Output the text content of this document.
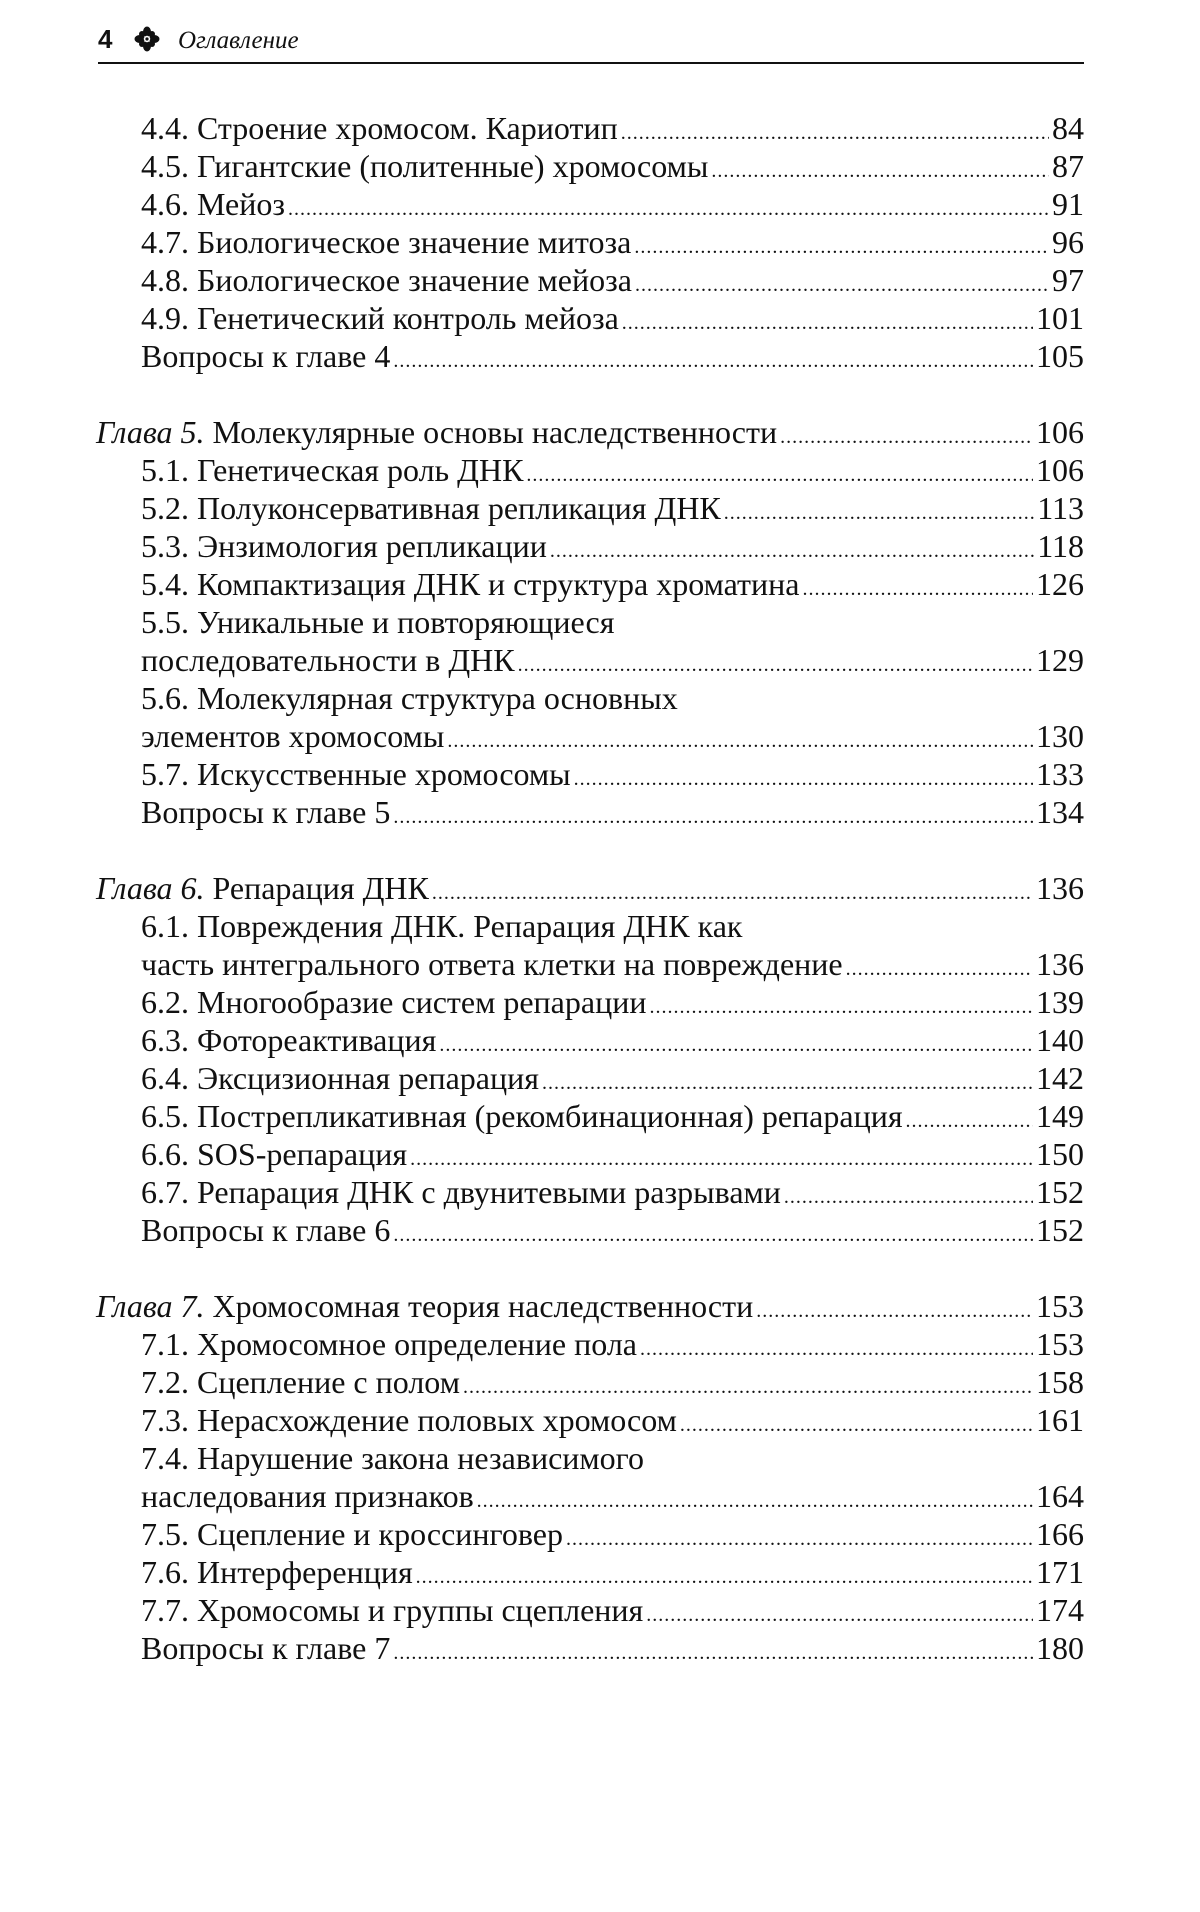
4	Оглавление
4.4. Строение хромосом. Кариотип .....	84
4.5. Гигантские (политенные) хромосомы .....	87
4.6. Мейоз .....	91
4.7. Биологическое значение митоза .....	96
4.8. Биологическое значение мейоза .....	97
4.9. Генетический контроль мейоза .....	101
Вопросы к главе 4 .....	105
Глава 5. Молекулярные основы наследственности .....	106
5.1. Генетическая роль ДНК .....	106
5.2. Полуконсервативная репликация ДНК .....	113
5.3. Энзимология репликации .....	118
5.4. Компактизация ДНК и структура хроматина .....	126
5.5. Уникальные и повторяющиеся
последовательности в ДНК .....	129
5.6. Молекулярная структура основных
элементов хромосомы .....	130
5.7. Искусственные хромосомы .....	133
Вопросы к главе 5 .....	134
Глава 6. Репарация ДНК .....	136
6.1. Повреждения ДНК. Репарация ДНК как
часть интегрального ответа клетки на повреждение .....	136
6.2. Многообразие систем репарации .....	139
6.3. Фотореактивация .....	140
6.4. Эксцизионная репарация .....	142
6.5. Пострепликативная (рекомбинационная) репарация .....	149
6.6. SOS-репарация .....	150
6.7. Репарация ДНК с двунитевыми разрывами .....	152
Вопросы к главе 6 .....	152
Глава 7. Хромосомная теория наследственности .....	153
7.1. Хромосомное определение пола .....	153
7.2. Сцепление с полом .....	158
7.3. Нерасхождение половых хромосом .....	161
7.4. Нарушение закона независимого
наследования признаков .....	164
7.5. Сцепление и кроссинговер .....	166
7.6. Интерференция .....	171
7.7. Хромосомы и группы сцепления .....	174
Вопросы к главе 7 .....	180
